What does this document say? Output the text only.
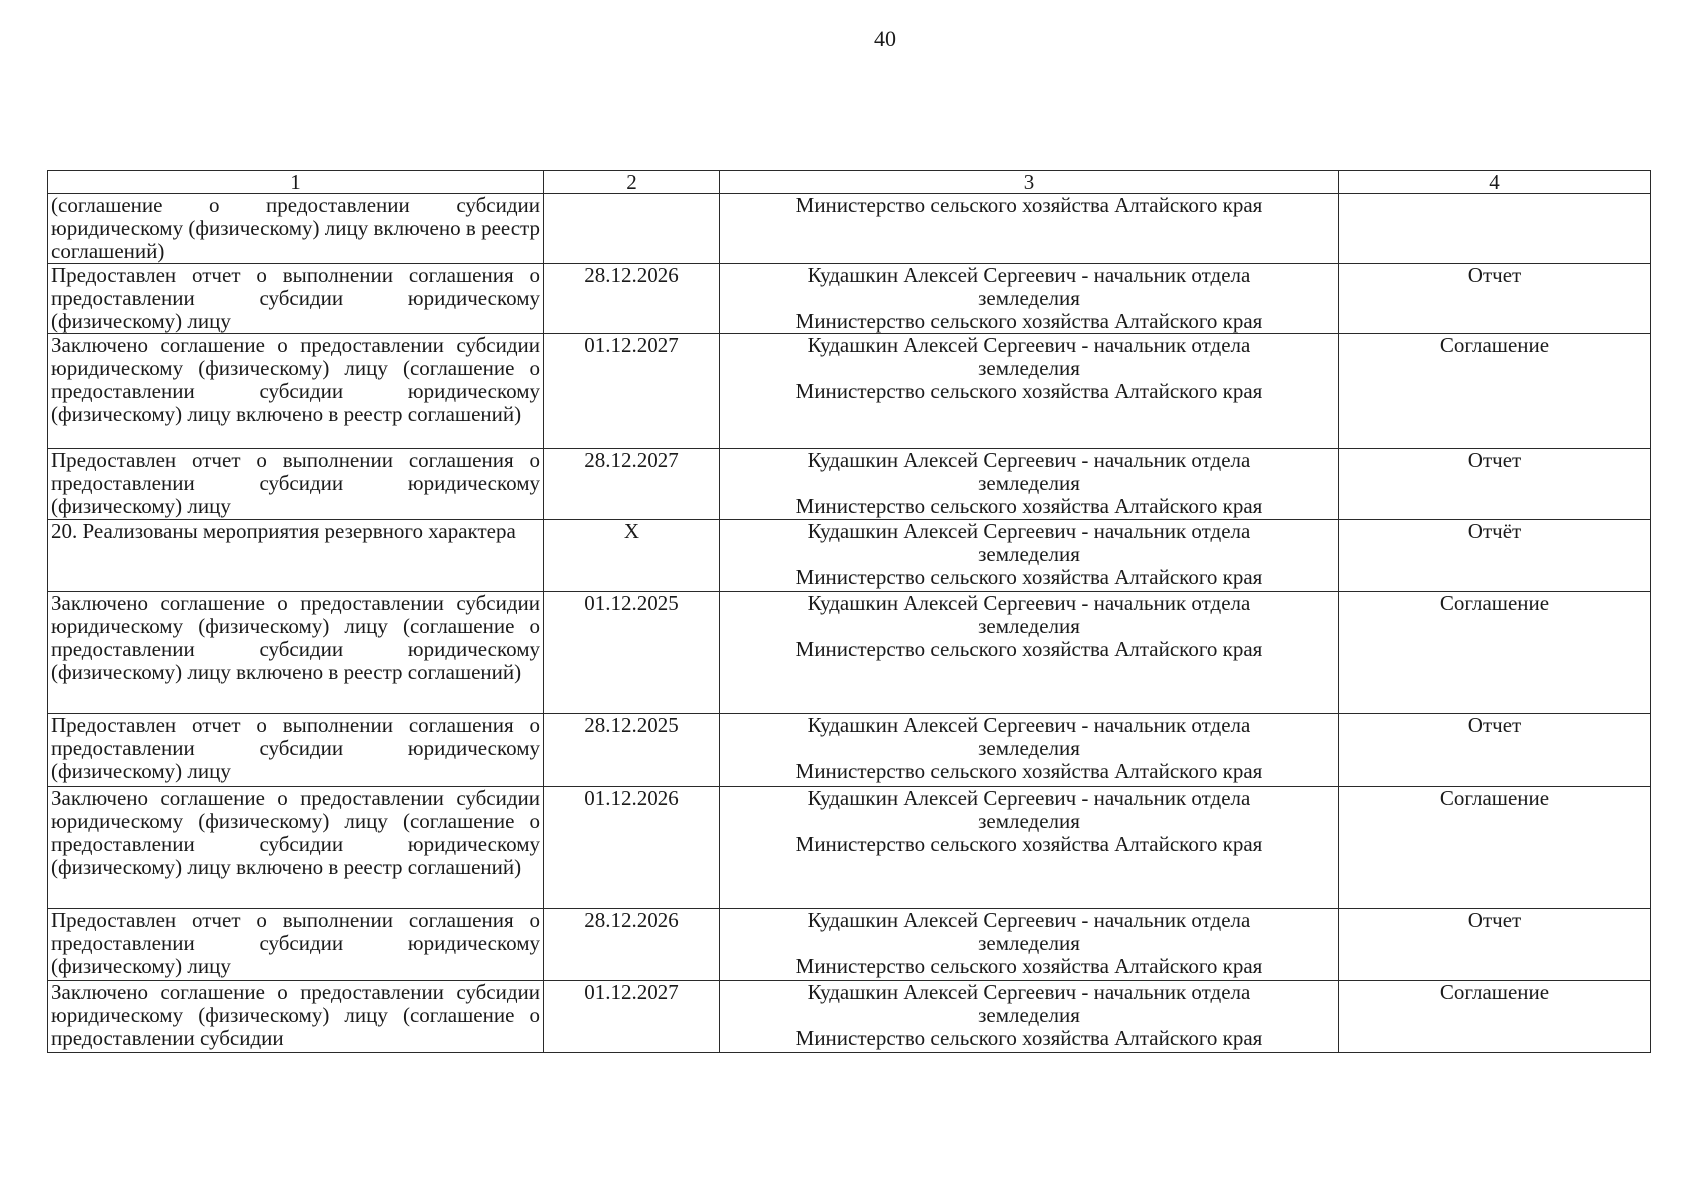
40
1	2	3	4
(соглашение о предоставлении субсидии юридическому (физическому) лицу включено в реестр соглашений)		Министерство сельского хозяйства Алтайского края	

Предоставлен отчет о выполнении соглашения о предоставлении субсидии юридическому (физическому) лицу	28.12.2026	Кудашкин Алексей Сергеевич - начальник отдела
земледелия
Министерство сельского хозяйства Алтайского края	Отчет
Заключено соглашение о предоставлении субсидии юридическому (физическому) лицу (соглашение о предоставлении субсидии юридическому (физическому) лицу включено в реестр соглашений)	01.12.2027	Кудашкин Алексей Сергеевич - начальник отдела
земледелия
Министерство сельского хозяйства Алтайского края	Соглашение
Предоставлен отчет о выполнении соглашения о предоставлении субсидии юридическому (физическому) лицу	28.12.2027	Кудашкин Алексей Сергеевич - начальник отдела
земледелия
Министерство сельского хозяйства Алтайского края	Отчет
20. Реализованы мероприятия резервного характера	X	Кудашкин Алексей Сергеевич - начальник отдела
земледелия
Министерство сельского хозяйства Алтайского края	Отчёт
Заключено соглашение о предоставлении субсидии юридическому (физическому) лицу (соглашение о предоставлении субсидии юридическому (физическому) лицу включено в реестр соглашений)	01.12.2025	Кудашкин Алексей Сергеевич - начальник отдела
земледелия
Министерство сельского хозяйства Алтайского края	Соглашение
Предоставлен отчет о выполнении соглашения о предоставлении субсидии юридическому (физическому) лицу	28.12.2025	Кудашкин Алексей Сергеевич - начальник отдела
земледелия
Министерство сельского хозяйства Алтайского края	Отчет
Заключено соглашение о предоставлении субсидии юридическому (физическому) лицу (соглашение о предоставлении субсидии юридическому (физическому) лицу включено в реестр соглашений)	01.12.2026	Кудашкин Алексей Сергеевич - начальник отдела
земледелия
Министерство сельского хозяйства Алтайского края	Соглашение
Предоставлен отчет о выполнении соглашения о предоставлении субсидии юридическому (физическому) лицу	28.12.2026	Кудашкин Алексей Сергеевич - начальник отдела
земледелия
Министерство сельского хозяйства Алтайского края	Отчет
Заключено соглашение о предоставлении субсидии юридическому (физическому) лицу (соглашение о предоставлении субсидии	01.12.2027	Кудашкин Алексей Сергеевич - начальник отдела
земледелия
Министерство сельского хозяйства Алтайского края	Соглашение
